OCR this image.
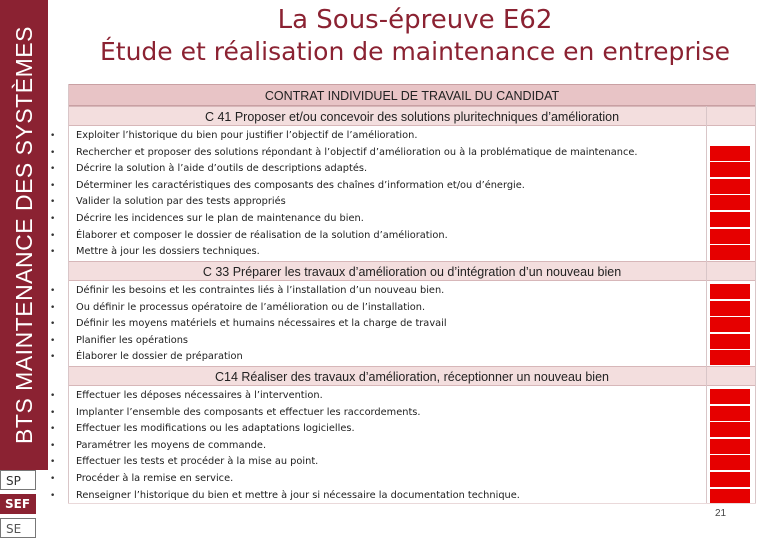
BTS MAINTENANCE DES SYSTÈMES
SP
SEF
SE
La Sous-épreuve E62
Étude et réalisation de maintenance en entreprise
CONTRAT INDIVIDUEL DE TRAVAIL DU CANDIDAT
C 41 Proposer et/ou concevoir des solutions pluritechniques d’amélioration
• Exploiter l’historique du bien pour justifier l’objectif de l’amélioration.
• Rechercher et proposer des solutions répondant à l’objectif d’amélioration ou à la problématique de maintenance.
• Décrire la solution à l’aide d’outils de descriptions adaptés.
• Déterminer les caractéristiques des composants des chaînes d’information et/ou d’énergie.
• Valider la solution par des tests appropriés
• Décrire les incidences sur le plan de maintenance du bien.
• Élaborer et composer le dossier de réalisation de la solution d’amélioration.
• Mettre à jour les dossiers techniques.
C 33 Préparer les travaux d’amélioration ou d’intégration d’un nouveau bien
• Définir les besoins et les contraintes liés à l’installation d’un nouveau bien.
• Ou définir le processus opératoire de l’amélioration ou de l’installation.
• Définir les moyens matériels et humains nécessaires et la charge de travail
• Planifier les opérations
• Élaborer le dossier de préparation
C14 Réaliser des travaux d’amélioration, réceptionner un nouveau bien
• Effectuer les déposes nécessaires à l’intervention.
• Implanter l’ensemble des composants et effectuer les raccordements.
• Effectuer les modifications ou les adaptations logicielles.
• Paramétrer les moyens de commande.
• Effectuer les tests et procéder à la mise au point.
• Procéder à la remise en service.
• Renseigner l’historique du bien et mettre à jour si nécessaire la documentation technique.
21
